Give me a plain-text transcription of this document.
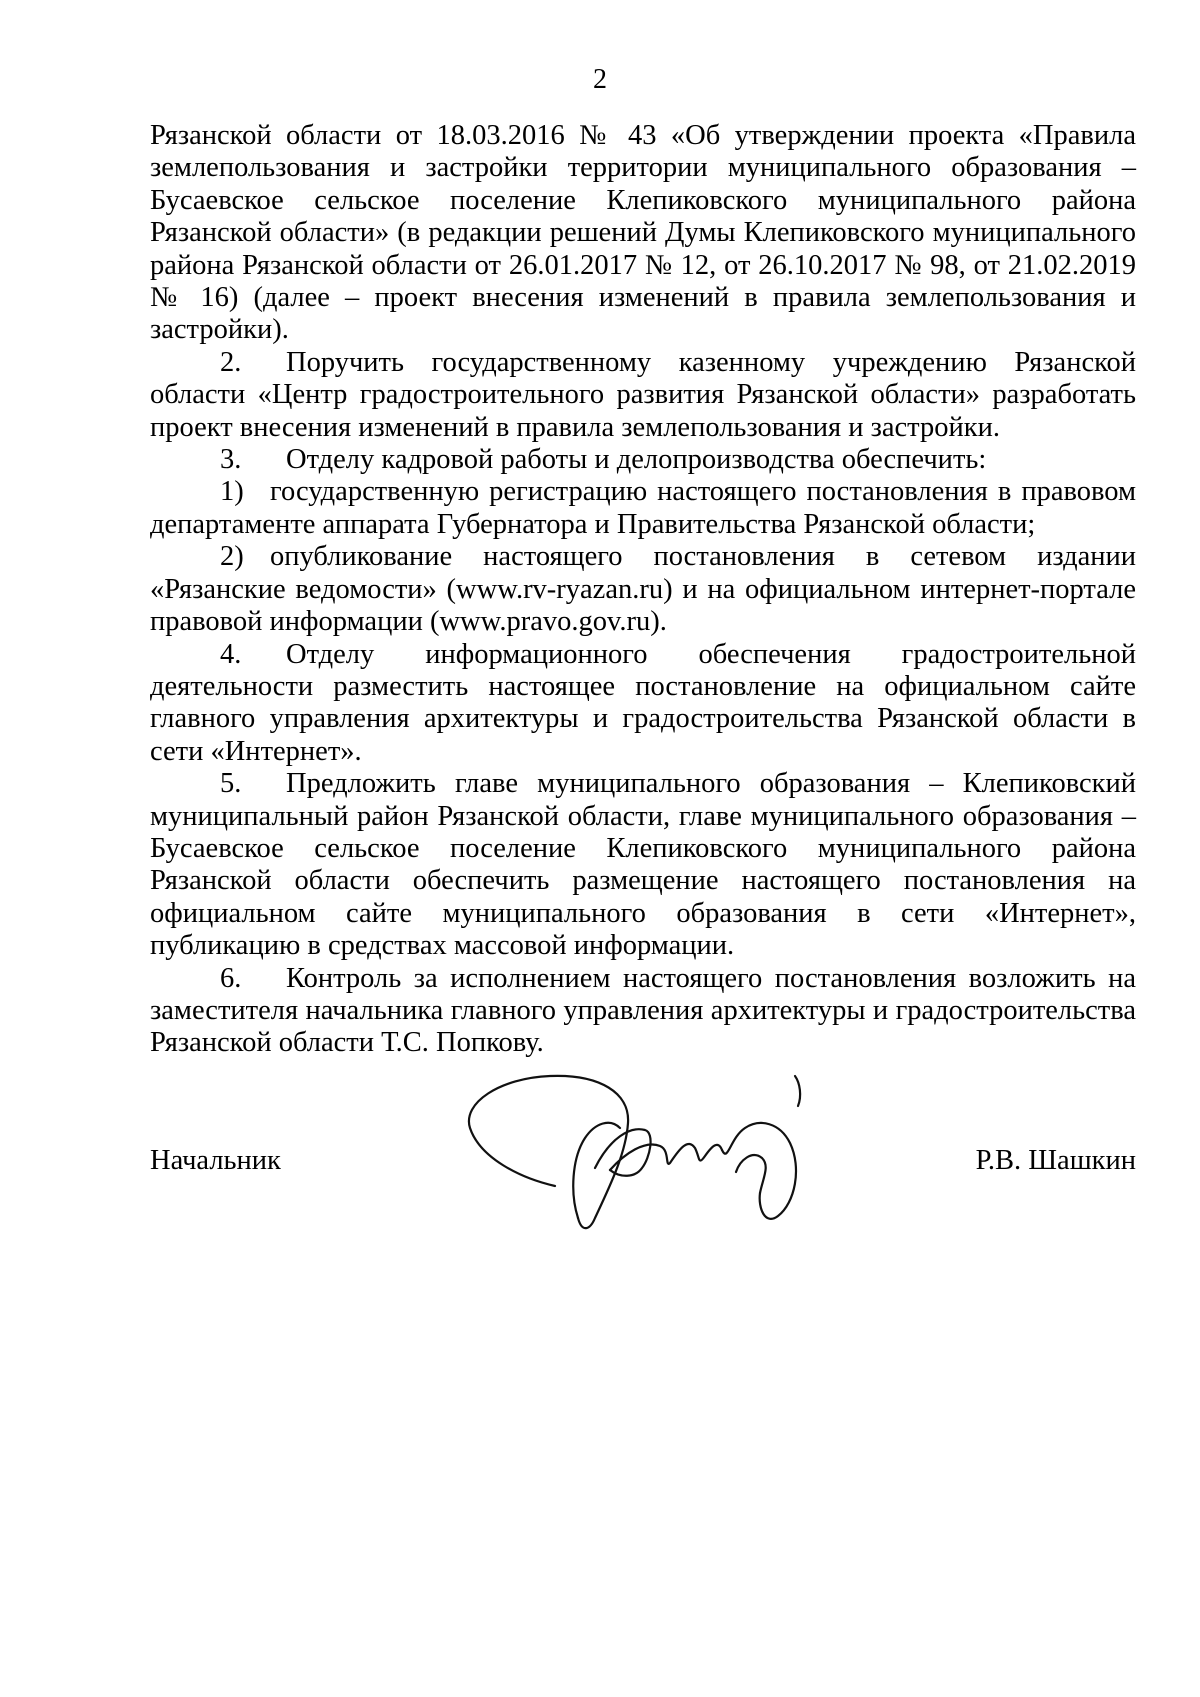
2

Рязанской области от 18.03.2016 № 43 «Об утверждении проекта «Правила землепользования и застройки территории муниципального образования – Бусаевское сельское поселение Клепиковского муниципального района Рязанской области» (в редакции решений Думы Клепиковского муниципального района Рязанской области от 26.01.2017 № 12, от 26.10.2017 № 98, от 21.02.2019 № 16) (далее – проект внесения изменений в правила землепользования и застройки).

2. Поручить государственному казенному учреждению Рязанской области «Центр градостроительного развития Рязанской области» разработать проект внесения изменений в правила землепользования и застройки.

3. Отделу кадровой работы и делопроизводства обеспечить:

1) государственную регистрацию настоящего постановления в правовом департаменте аппарата Губернатора и Правительства Рязанской области;

2) опубликование настоящего постановления в сетевом издании «Рязанские ведомости» (www.rv-ryazan.ru) и на официальном интернет-портале правовой информации (www.pravo.gov.ru).

4. Отделу информационного обеспечения градостроительной деятельности разместить настоящее постановление на официальном сайте главного управления архитектуры и градостроительства Рязанской области в сети «Интернет».

5. Предложить главе муниципального образования – Клепиковский муниципальный район Рязанской области, главе муниципального образования – Бусаевское сельское поселение Клепиковского муниципального района Рязанской области обеспечить размещение настоящего постановления на официальном сайте муниципального образования в сети «Интернет», публикацию в средствах массовой информации.

6. Контроль за исполнением настоящего постановления возложить на заместителя начальника главного управления архитектуры и градостроительства Рязанской области Т.С. Попкову.

Начальник	Р.В. Шашкин
